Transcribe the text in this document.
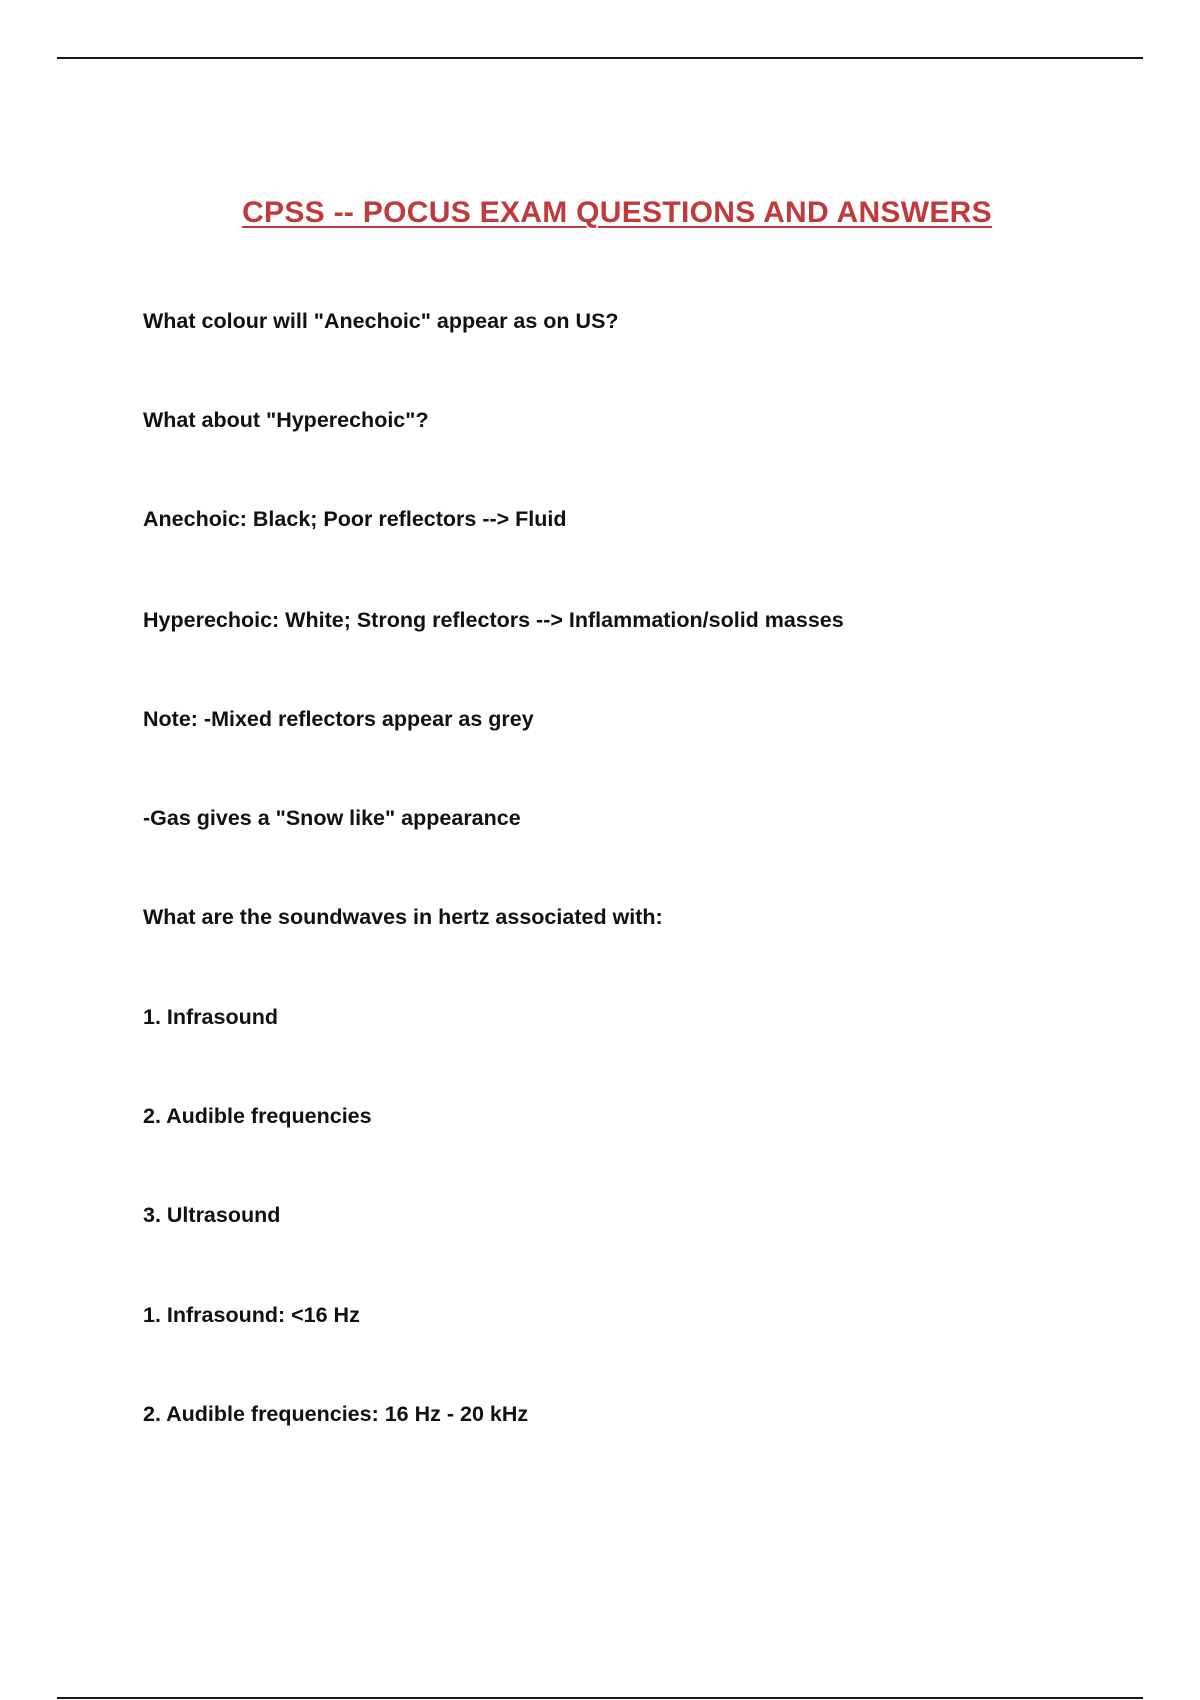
CPSS -- POCUS EXAM QUESTIONS AND ANSWERS
What colour will "Anechoic" appear as on US?
What about "Hyperechoic"?
Anechoic: Black; Poor reflectors --> Fluid
Hyperechoic: White; Strong reflectors --> Inflammation/solid masses
Note: -Mixed reflectors appear as grey
-Gas gives a "Snow like" appearance
What are the soundwaves in hertz associated with:
1. Infrasound
2. Audible frequencies
3. Ultrasound
1. Infrasound: <16 Hz
2. Audible frequencies: 16 Hz - 20 kHz
